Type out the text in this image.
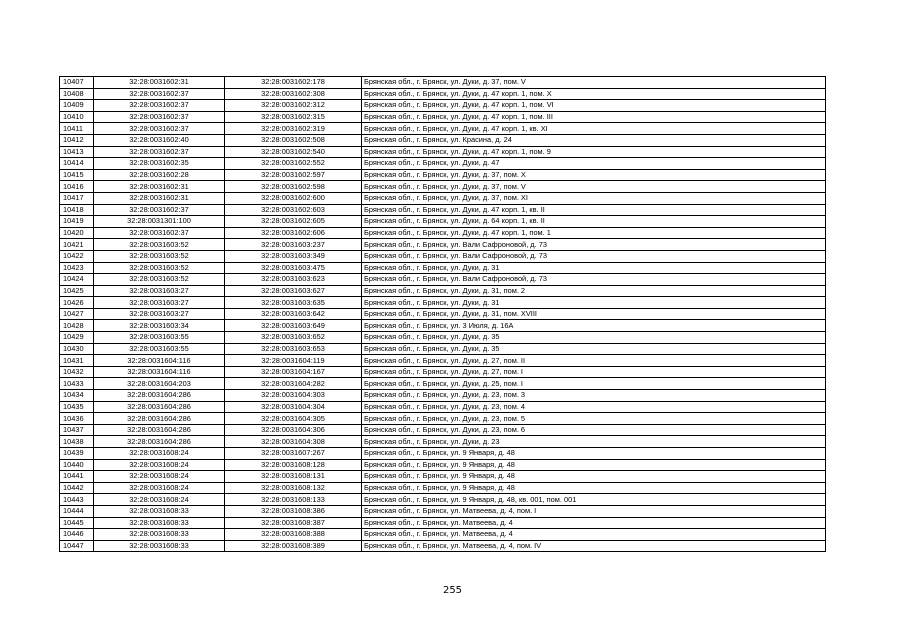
10407	32:28:0031602:31	32:28:0031602:178	Брянская обл., г. Брянск, ул. Дуки, д. 37, пом. V
10408	32:28:0031602:37	32:28:0031602:308	Брянская обл., г. Брянск, ул. Дуки, д. 47 корп. 1, пом. X
10409	32:28:0031602:37	32:28:0031602:312	Брянская обл., г. Брянск, ул. Дуки, д. 47 корп. 1, пом. VI
10410	32:28:0031602:37	32:28:0031602:315	Брянская обл., г. Брянск, ул. Дуки, д. 47 корп. 1, пом. III
10411	32:28:0031602:37	32:28:0031602:319	Брянская обл., г. Брянск, ул. Дуки, д. 47 корп. 1, кв. XI
10412	32:28:0031602:40	32:28:0031602:508	Брянская обл., г. Брянск, ул. Красина, д. 24
10413	32:28:0031602:37	32:28:0031602:540	Брянская обл., г. Брянск, ул. Дуки, д. 47 корп. 1, пом. 9
10414	32:28:0031602:35	32:28:0031602:552	Брянская обл., г. Брянск, ул. Дуки, д. 47
10415	32:28:0031602:28	32:28:0031602:597	Брянская обл., г. Брянск, ул. Дуки, д. 37, пом. X
10416	32:28:0031602:31	32:28:0031602:598	Брянская обл., г. Брянск, ул. Дуки, д. 37, пом. V
10417	32:28:0031602:31	32:28:0031602:600	Брянская обл., г. Брянск, ул. Дуки, д. 37, пом. XI
10418	32:28:0031602:37	32:28:0031602:603	Брянская обл., г. Брянск, ул. Дуки, д. 47 корп. 1, кв. II
10419	32:28:0031301:100	32:28:0031602:605	Брянская обл., г. Брянск, ул. Дуки, д. 64 корп. 1, кв. II
10420	32:28:0031602:37	32:28:0031602:606	Брянская обл., г. Брянск, ул. Дуки, д. 47 корп. 1, пом. 1
10421	32:28:0031603:52	32:28:0031603:237	Брянская обл., г. Брянск, ул. Вали Сафроновой, д. 73
10422	32:28:0031603:52	32:28:0031603:349	Брянская обл., г. Брянск, ул. Вали Сафроновой, д. 73
10423	32:28:0031603:52	32:28:0031603:475	Брянская обл., г. Брянск, ул. Дуки, д. 31
10424	32:28:0031603:52	32:28:0031603:623	Брянская обл., г. Брянск, ул. Вали Сафроновой, д. 73
10425	32:28:0031603:27	32:28:0031603:627	Брянская обл., г. Брянск, ул. Дуки, д. 31, пом. 2
10426	32:28:0031603:27	32:28:0031603:635	Брянская обл., г. Брянск, ул. Дуки, д. 31
10427	32:28:0031603:27	32:28:0031603:642	Брянская обл., г. Брянск, ул. Дуки, д. 31, пом. XVIII
10428	32:28:0031603:34	32:28:0031603:649	Брянская обл., г. Брянск, ул. 3 Июля, д. 16А
10429	32:28:0031603:55	32:28:0031603:652	Брянская обл., г. Брянск, ул. Дуки, д. 35
10430	32:28:0031603:55	32:28:0031603:653	Брянская обл., г. Брянск, ул. Дуки, д. 35
10431	32:28:0031604:116	32:28:0031604:119	Брянская обл., г. Брянск, ул. Дуки, д. 27, пом. II
10432	32:28:0031604:116	32:28:0031604:167	Брянская обл., г. Брянск, ул. Дуки, д. 27, пом. I
10433	32:28:0031604:203	32:28:0031604:282	Брянская обл., г. Брянск, ул. Дуки, д. 25, пом. I
10434	32:28:0031604:286	32:28:0031604:303	Брянская обл., г. Брянск, ул. Дуки, д. 23, пом. 3
10435	32:28:0031604:286	32:28:0031604:304	Брянская обл., г. Брянск, ул. Дуки, д. 23, пом. 4
10436	32:28:0031604:286	32:28:0031604:305	Брянская обл., г. Брянск, ул. Дуки, д. 23, пом. 5
10437	32:28:0031604:286	32:28:0031604:306	Брянская обл., г. Брянск, ул. Дуки, д. 23, пом. 6
10438	32:28:0031604:286	32:28:0031604:308	Брянская обл., г. Брянск, ул. Дуки, д. 23
10439	32:28:0031608:24	32:28:0031607:267	Брянская обл., г. Брянск, ул. 9 Января, д. 48
10440	32:28:0031608:24	32:28:0031608:128	Брянская обл., г. Брянск, ул. 9 Января, д. 48
10441	32:28:0031608:24	32:28:0031608:131	Брянская обл., г. Брянск, ул. 9 Января, д. 48
10442	32:28:0031608:24	32:28:0031608:132	Брянская обл., г. Брянск, ул. 9 Января, д. 48
10443	32:28:0031608:24	32:28:0031608:133	Брянская обл., г. Брянск, ул. 9 Января, д. 48, кв. 001, пом. 001
10444	32:28:0031608:33	32:28:0031608:386	Брянская обл., г. Брянск, ул. Матвеева, д. 4, пом. I
10445	32:28:0031608:33	32:28:0031608:387	Брянская обл., г. Брянск, ул. Матвеева, д. 4
10446	32:28:0031608:33	32:28:0031608:388	Брянская обл., г. Брянск, ул. Матвеева, д. 4
10447	32:28:0031608:33	32:28:0031608:389	Брянская обл., г. Брянск, ул. Матвеева, д. 4, пом. IV
255
